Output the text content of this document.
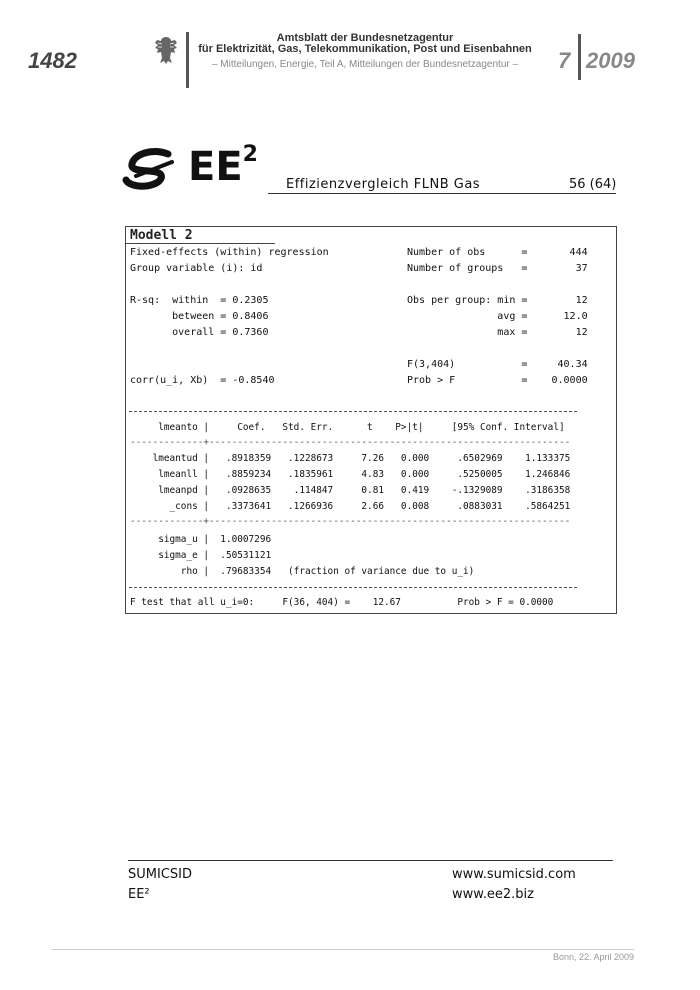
1482
Amtsblatt der Bundesnetzagentur
für Elektrizität, Gas, Telekommunikation, Post und Eisenbahnen
– Mitteilungen, Energie, Teil A, Mitteilungen der Bundesnetzagentur –	7 2009
$EE^2$
Effizienzvergleich FLNB Gas	56 (64)
Modell 2
Fixed-effects (within) regression
Group variable (i): id
R-sq:  within  = 0.2305
between = 0.8406
overall = 0.7360
corr(u_i, Xb)  = -0.8540
Number of obs      =       444
Number of groups   =        37
Obs per group: min =        12
avg =      12.0
max =        12
F(3,404)           =     40.34
Prob > F           =    0.0000
lmeanto |     Coef.   Std. Err.      t    P>|t|     [95% Conf. Interval]
-------------+----------------------------------------------------------------
lmeantud |   .8918359   .1228673     7.26   0.000     .6502969    1.133375
lmeanll |   .8859234   .1835961     4.83   0.000     .5250005    1.246846
lmeanpd |   .0928635    .114847     0.81   0.419    -.1329089    .3186358
_cons |   .3373641   .1266936     2.66   0.008     .0883031    .5864251
-------------+----------------------------------------------------------------
sigma_u |  1.0007296
sigma_e |  .50531121
rho |  .79683354   (fraction of variance due to u_i)
F test that all u_i=0:     F(36, 404) =    12.67          Prob > F = 0.0000
SUMICSID
EE²
www.sumicsid.com
www.ee2.biz
Bonn, 22. April 2009
